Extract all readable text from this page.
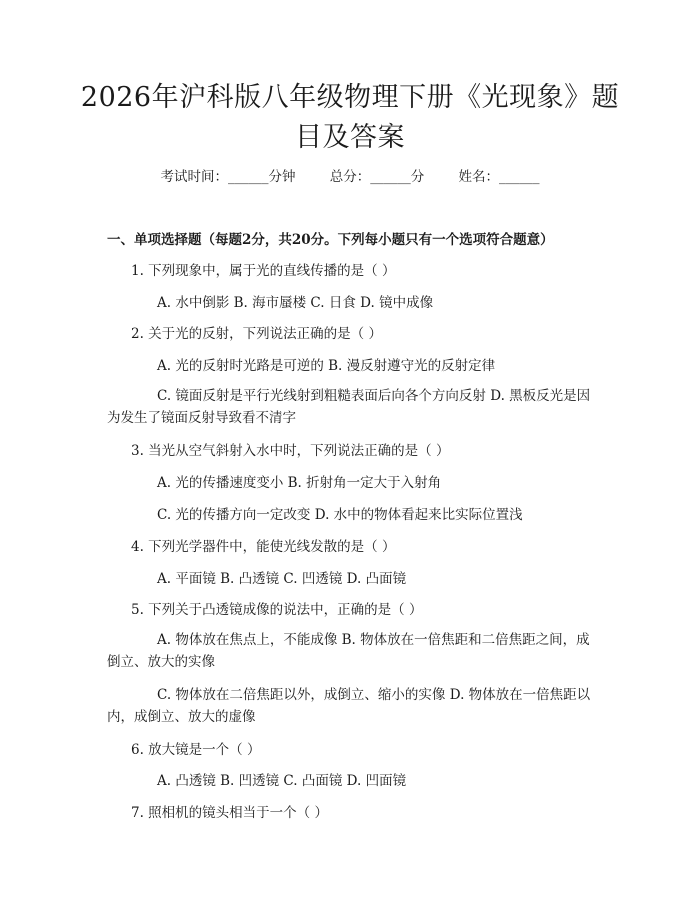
2026年沪科版八年级物理下册《光现象》题目及答案
考试时间：______分钟	总分：______分	姓名：______
一、单项选择题（每题2分，共20分。下列每小题只有一个选项符合题意）
1. 下列现象中，属于光的直线传播的是（ ）
A. 水中倒影 B. 海市蜃楼 C. 日食 D. 镜中成像
2. 关于光的反射，下列说法正确的是（ ）
A. 光的反射时光路是可逆的 B. 漫反射遵守光的反射定律
C. 镜面反射是平行光线射到粗糙表面后向各个方向反射 D. 黑板反光是因为发生了镜面反射导致看不清字
3. 当光从空气斜射入水中时，下列说法正确的是（ ）
A. 光的传播速度变小 B. 折射角一定大于入射角
C. 光的传播方向一定改变 D. 水中的物体看起来比实际位置浅
4. 下列光学器件中，能使光线发散的是（ ）
A. 平面镜 B. 凸透镜 C. 凹透镜 D. 凸面镜
5. 下列关于凸透镜成像的说法中，正确的是（ ）
A. 物体放在焦点上，不能成像 B. 物体放在一倍焦距和二倍焦距之间，成倒立、放大的实像
C. 物体放在二倍焦距以外，成倒立、缩小的实像 D. 物体放在一倍焦距以内，成倒立、放大的虚像
6. 放大镜是一个（ ）
A. 凸透镜 B. 凹透镜 C. 凸面镜 D. 凹面镜
7. 照相机的镜头相当于一个（ ）
